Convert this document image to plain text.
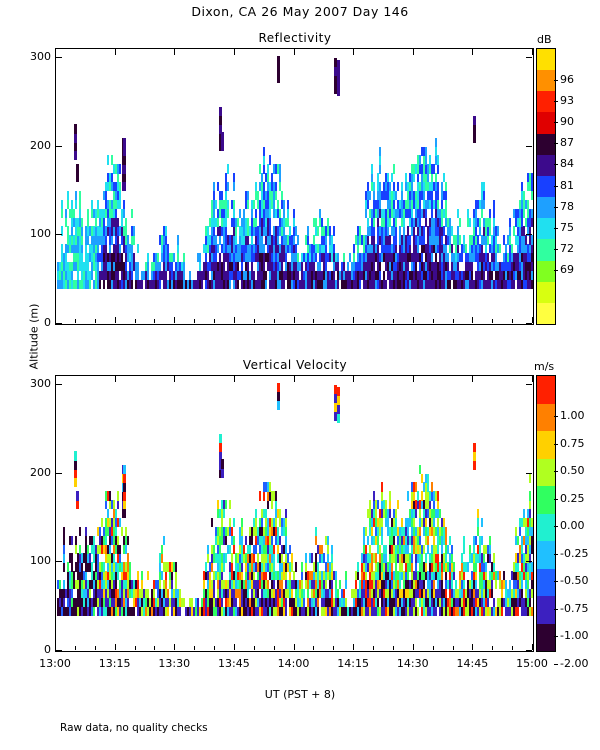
Dixon, CA 26 May 2007 Day 146
Altitude (m)
Reflectivity	dB
Vertical Velocity	m/s
UT (PST + 8)
Raw data, no quality checks
0
100
200
300
0
100
200
300
13:00	13:15	13:30	13:45	14:00	14:15	14:30	14:45	15:00
96
93
90
87
84
81
78
75
72
69
1.00
0.75
0.50
0.25
0.00
-0.25
-0.50
-0.75
-1.00
-2.00
